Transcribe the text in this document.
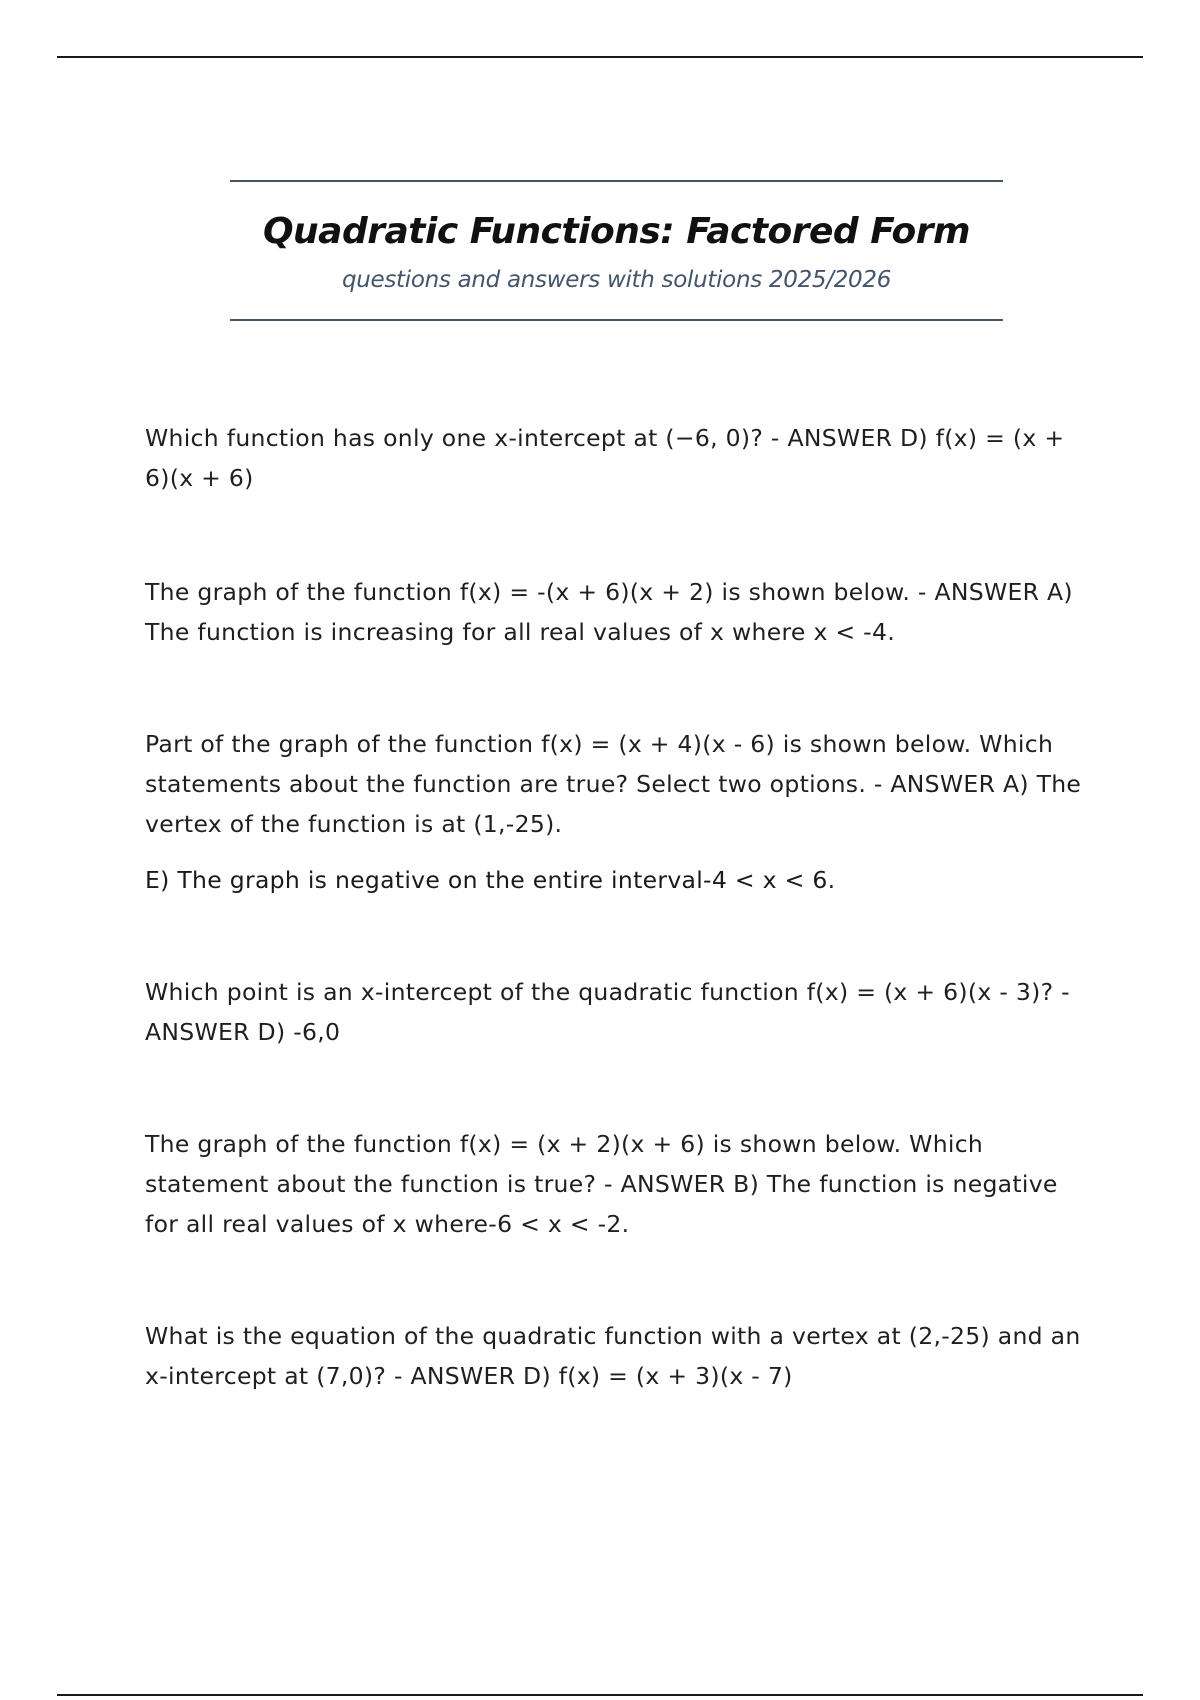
Quadratic Functions: Factored Form
questions and answers with solutions 2025/2026

Which function has only one x-intercept at (−6, 0)? - ANSWER D) f(x) = (x + 6)(x + 6)

The graph of the function f(x) = -(x + 6)(x + 2) is shown below. - ANSWER A) The function is increasing for all real values of x where x < -4.

Part of the graph of the function f(x) = (x + 4)(x - 6) is shown below. Which statements about the function are true? Select two options. - ANSWER A) The vertex of the function is at (1,-25).

E) The graph is negative on the entire interval-4 < x < 6.

Which point is an x-intercept of the quadratic function f(x) = (x + 6)(x - 3)? - ANSWER D) -6,0

The graph of the function f(x) = (x + 2)(x + 6) is shown below. Which statement about the function is true? - ANSWER B) The function is negative for all real values of x where-6 < x < -2.

What is the equation of the quadratic function with a vertex at (2,-25) and an x-intercept at (7,0)? - ANSWER D) f(x) = (x + 3)(x - 7)
